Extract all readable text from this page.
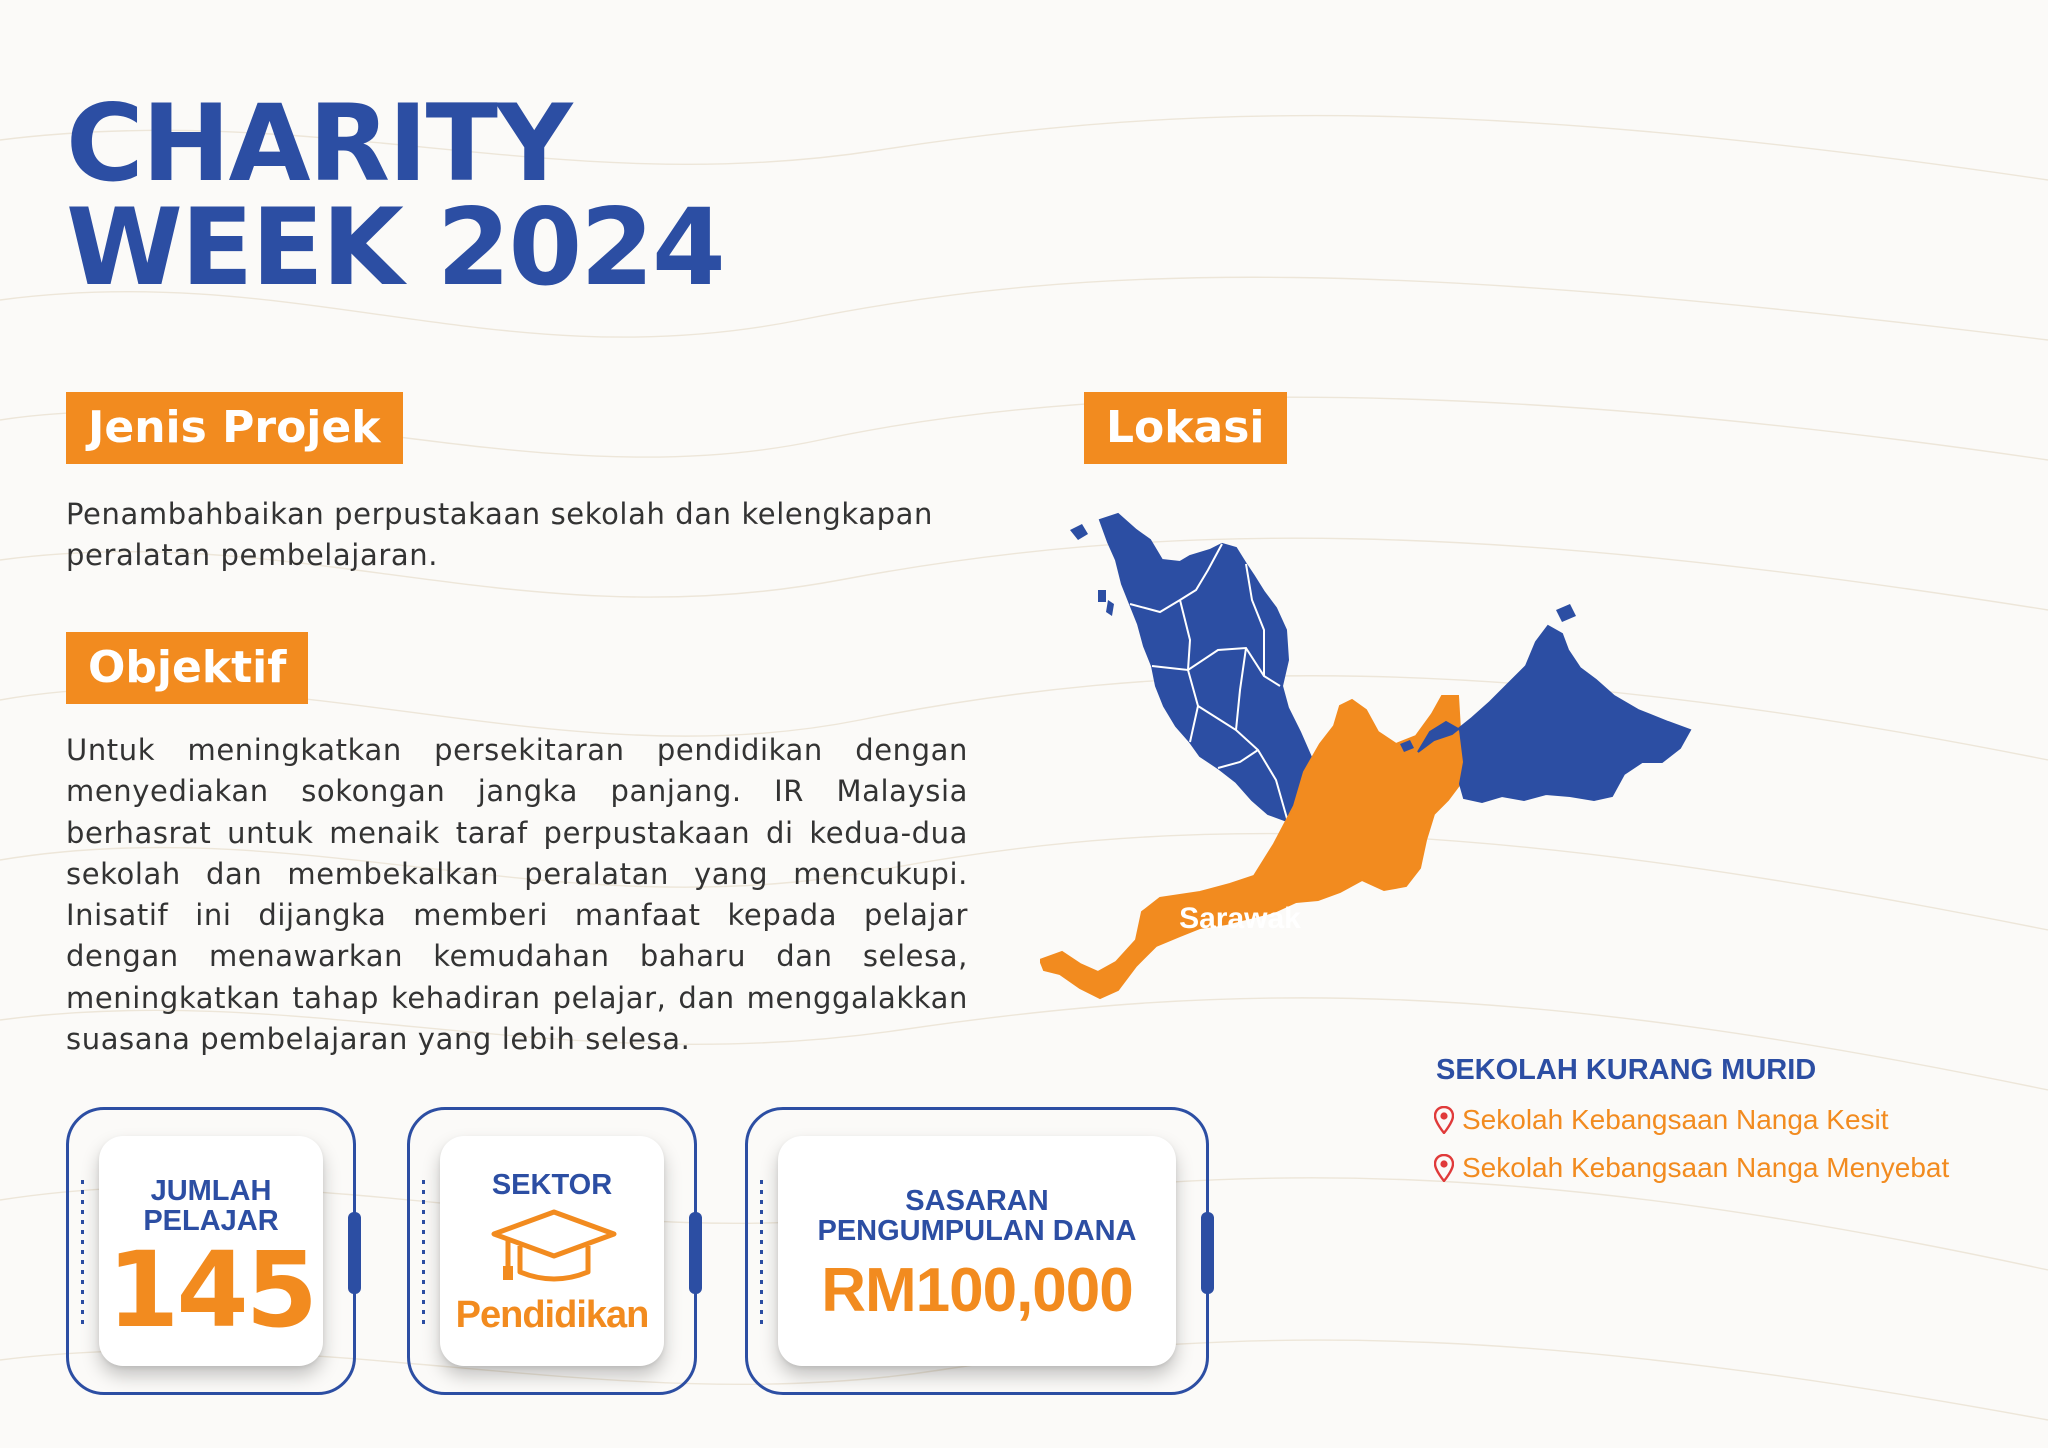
CHARITY
WEEK 2024
Jenis Projek

Penambahbaikan perpustakaan sekolah dan kelengkapan peralatan pembelajaran.

Objektif

Untuk meningkatkan persekitaran pendidikan dengan menyediakan sokongan jangka panjang. IR Malaysia berhasrat untuk menaik taraf perpustakaan di kedua-dua sekolah dan membekalkan peralatan yang mencukupi. Inisatif ini dijangka memberi manfaat kepada pelajar dengan menawarkan kemudahan baharu dan selesa, meningkatkan tahap kehadiran pelajar, dan menggalakkan suasana pembelajaran yang lebih selesa.

JUMLAH
PELAJAR
145
SEKTOR
Pendidikan
SASARAN
PENGUMPULAN DANA
RM100,000
Lokasi
Sarawak

SEKOLAH KURANG MURID

Sekolah Kebangsaan Nanga Kesit
Sekolah Kebangsaan Nanga Menyebat
